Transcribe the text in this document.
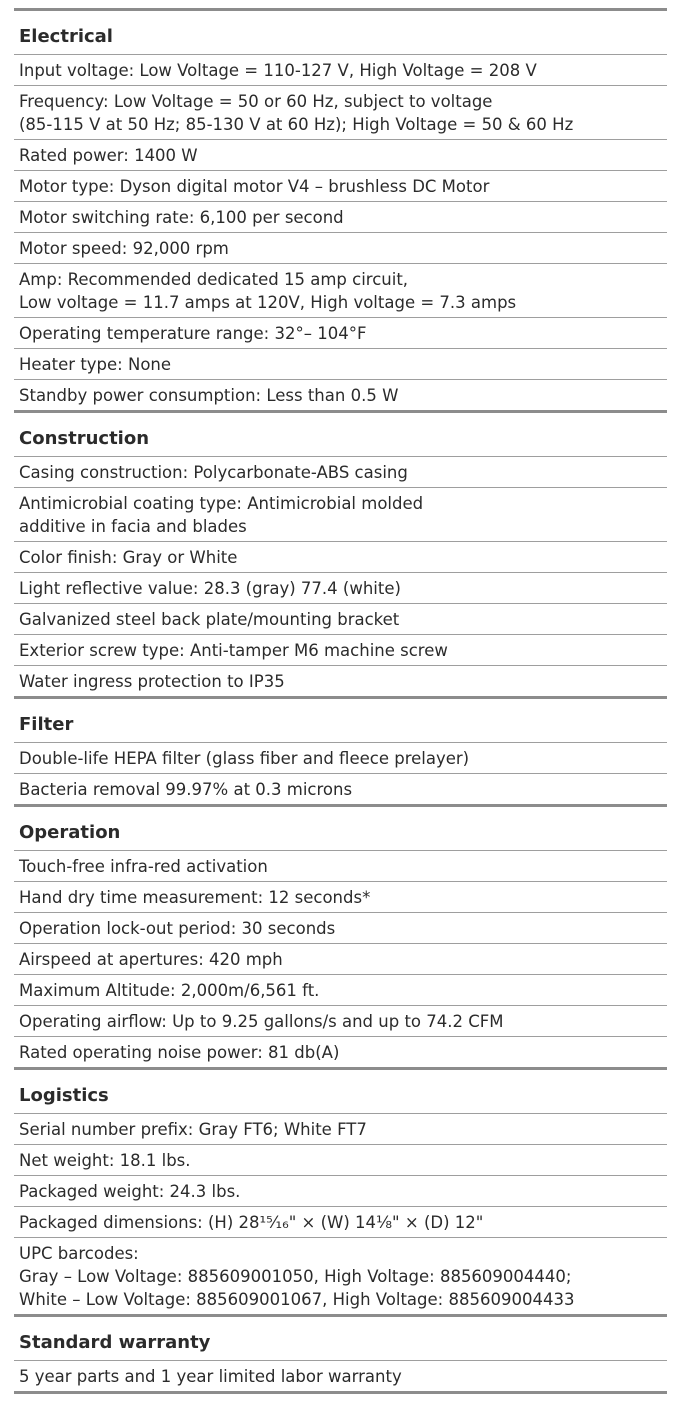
Electrical
Input voltage: Low Voltage = 110-127 V, High Voltage = 208 V
Frequency: Low Voltage = 50 or 60 Hz, subject to voltage
(85-115 V at 50 Hz; 85-130 V at 60 Hz); High Voltage = 50 & 60 Hz
Rated power: 1400 W
Motor type: Dyson digital motor V4 – brushless DC Motor
Motor switching rate: 6,100 per second
Motor speed: 92,000 rpm
Amp: Recommended dedicated 15 amp circuit,
Low voltage = 11.7 amps at 120V, High voltage = 7.3 amps
Operating temperature range: 32°– 104°F
Heater type: None
Standby power consumption: Less than 0.5 W
Construction
Casing construction: Polycarbonate-ABS casing
Antimicrobial coating type: Antimicrobial molded
additive in facia and blades
Color finish: Gray or White
Light reflective value: 28.3 (gray) 77.4 (white)
Galvanized steel back plate/mounting bracket
Exterior screw type: Anti-tamper M6 machine screw
Water ingress protection to IP35
Filter
Double-life HEPA filter (glass fiber and fleece prelayer)
Bacteria removal 99.97% at 0.3 microns
Operation
Touch-free infra-red activation
Hand dry time measurement: 12 seconds*
Operation lock-out period: 30 seconds
Airspeed at apertures: 420 mph
Maximum Altitude: 2,000m/6,561 ft.
Operating airflow: Up to 9.25 gallons/s and up to 74.2 CFM
Rated operating noise power: 81 db(A)
Logistics
Serial number prefix: Gray FT6; White FT7
Net weight: 18.1 lbs.
Packaged weight: 24.3 lbs.
Packaged dimensions: (H) 28¹⁵⁄₁₆" × (W) 14⅛" × (D) 12"
UPC barcodes:
Gray – Low Voltage: 885609001050, High Voltage: 885609004440;
White – Low Voltage: 885609001067, High Voltage: 885609004433
Standard warranty
5 year parts and 1 year limited labor warranty
